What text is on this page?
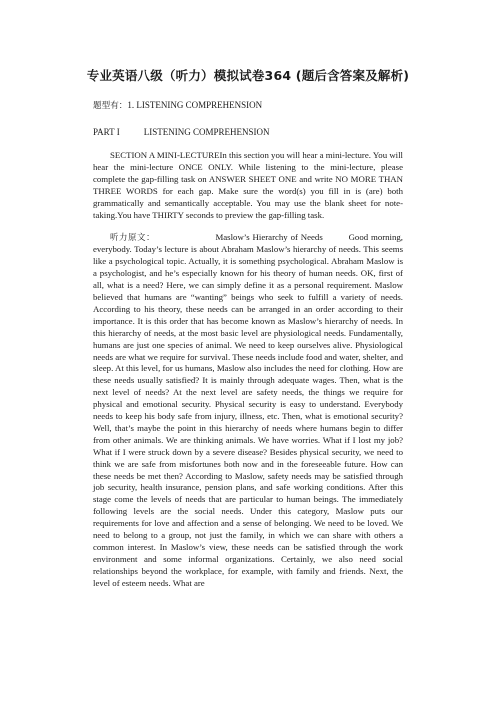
专业英语八级（听力）模拟试卷364 (题后含答案及解析)
题型有：1. LISTENING COMPREHENSION
PART I	LISTENING COMPREHENSION

SECTION A MINI-LECTUREIn this section you will hear a mini-lecture. You will hear the mini-lecture ONCE ONLY. While listening to the mini-lecture, please complete the gap-filling task on ANSWER SHEET ONE and write NO MORE THAN THREE WORDS for each gap. Make sure the word(s) you fill in is (are) both grammatically and semantically acceptable. You may use the blank sheet for note-taking.You have THIRTY seconds to preview the gap-filling task.

听力原文：	Maslow’s Hierarchy of Needs	Good morning, everybody. Today’s lecture is about Abraham Maslow’s hierarchy of needs. This seems like a psychological topic. Actually, it is something psychological. Abraham Maslow is a psychologist, and he’s especially known for his theory of human needs. OK, first of all, what is a need? Here, we can simply define it as a personal requirement. Maslow believed that humans are “wanting” beings who seek to fulfill a variety of needs. According to his theory, these needs can be arranged in an order according to their importance. It is this order that has become known as Maslow’s hierarchy of needs. In this hierarchy of needs, at the most basic level are physiological needs. Fundamentally, humans are just one species of animal. We need to keep ourselves alive. Physiological needs are what we require for survival. These needs include food and water, shelter, and sleep. At this level, for us humans, Maslow also includes the need for clothing. How are these needs usually satisfied? It is mainly through adequate wages. Then, what is the next level of needs? At the next level are safety needs, the things we require for physical and emotional security. Physical security is easy to understand. Everybody needs to keep his body safe from injury, illness, etc. Then, what is emotional security? Well, that’s maybe the point in this hierarchy of needs where humans begin to differ from other animals. We are thinking animals. We have worries. What if I lost my job? What if I were struck down by a severe disease? Besides physical security, we need to think we are safe from misfortunes both now and in the foreseeable future. How can these needs be met then? According to Maslow, safety needs may be satisfied through job security, health insurance, pension plans, and safe working conditions. After this stage come the levels of needs that are particular to human beings. The immediately following levels are the social needs. Under this category, Maslow puts our requirements for love and affection and a sense of belonging. We need to be loved. We need to belong to a group, not just the family, in which we can share with others a common interest. In Maslow’s view, these needs can be satisfied through the work environment and some informal organizations. Certainly, we also need social relationships beyond the workplace, for example, with family and friends. Next, the level of esteem needs. What are
